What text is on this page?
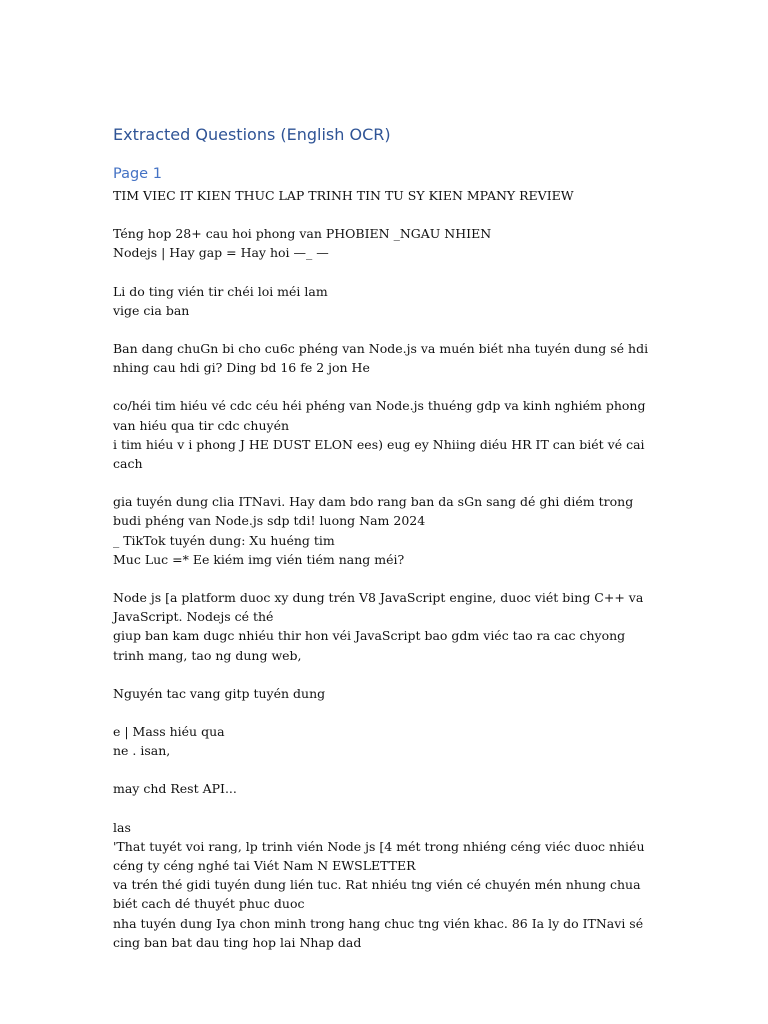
Extracted Questions (English OCR)
Page 1

TIM VIEC IT KIEN THUC LAP TRINH TIN TU SY KIEN MPANY REVIEW

Téng hop 28+ cau hoi phong van PHOBIEN _NGAU NHIEN

Nodejs | Hay gap = Hay hoi —_ —

Li do ting vién tir chéi loi méi lam

vige cia ban

Ban dang chuGn bi cho cu6c phéng van Node.js va muén biét nha tuyén dung sé hdi nhing cau hdi gi? Ding bd 16 fe 2 jon He

co/héi tim hiéu vé cdc céu héi phéng van Node.js thuéng gdp va kinh nghiém phong van hiéu qua tir cdc chuyén

i tim hiéu v i phong J HE DUST ELON ees) eug ey Nhiing diéu HR IT can biét vé cai cach

gia tuyén dung clia ITNavi. Hay dam bdo rang ban da sGn sang dé ghi diém trong budi phéng van Node.js sdp tdi! luong Nam 2024

_ TikTok tuyén dung: Xu huéng tim

Muc Luc =* Ee kiém img vién tiém nang méi?

Node js [a platform duoc xy dung trén V8 JavaScript engine, duoc viét bing C++ va JavaScript. Nodejs cé thé

giup ban kam dugc nhiéu thir hon véi JavaScript bao gdm viéc tao ra cac chyong trinh mang, tao ng dung web,

Nguyén tac vang gitp tuyén dung

e | Mass hiéu qua

ne . isan,

may chd Rest API...

las

'That tuyét voi rang, lp trinh vién Node js [4 mét trong nhiéng céng viéc duoc nhiéu céng ty céng nghé tai Viét Nam N EWSLETTER

va trén thé gidi tuyén dung lién tuc. Rat nhiéu tng vién cé chuyén mén nhung chua biét cach dé thuyét phuc duoc

nha tuyén dung Iya chon minh trong hang chuc tng vién khac. 86 Ia ly do ITNavi sé cing ban bat dau ting hop lai Nhap dad
